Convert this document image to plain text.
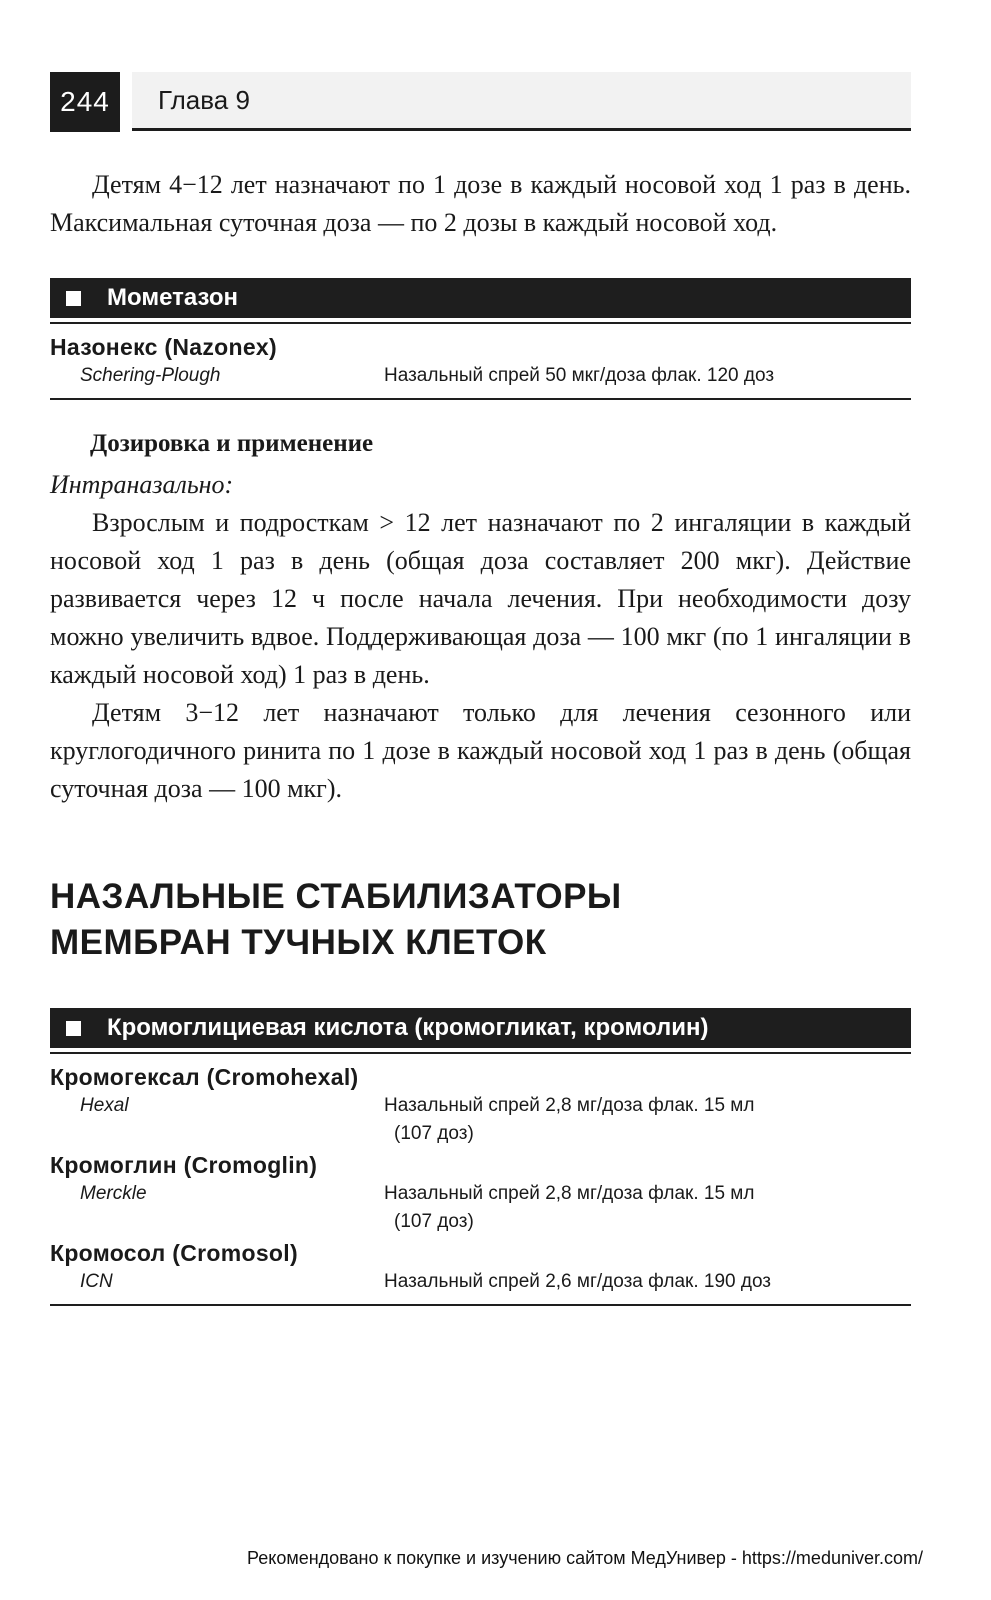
244	Глава 9

Детям 4−12 лет назначают по 1 дозе в каждый носовой ход 1 раз в день. Максимальная суточная доза — по 2 дозы в каждый носовой ход.

Мометазон
Назонекс (Nazonex)
Schering-Plough	Назальный спрей 50 мкг/доза флак. 120 доз
Дозировка и применение
Интраназально:

Взрослым и подросткам > 12 лет назначают по 2 ингаляции в каждый носовой ход 1 раз в день (общая доза составляет 200 мкг). Действие развивается через 12 ч после начала лечения. При необходимости дозу можно увеличить вдвое. Поддерживающая доза — 100 мкг (по 1 ингаляции в каждый носовой ход) 1 раз в день.

Детям 3−12 лет назначают только для лечения сезонного или круглогодичного ринита по 1 дозе в каждый носовой ход 1 раз в день (общая суточная доза — 100 мкг).

НАЗАЛЬНЫЕ СТАБИЛИЗАТОРЫ
МЕМБРАН ТУЧНЫХ КЛЕТОК
Кромоглициевая кислота (кромогликат, кромолин)
Кромогексал (Cromohexal)
Hexal	Назальный спрей 2,8 мг/доза флак. 15 мл
(107 доз)
Кромоглин (Cromoglin)
Merckle	Назальный спрей 2,8 мг/доза флак. 15 мл
(107 доз)
Кромосол (Cromosol)
ICN	Назальный спрей 2,6 мг/доза флак. 190 доз
Рекомендовано к покупке и изучению сайтом МедУнивер - https://meduniver.com/
